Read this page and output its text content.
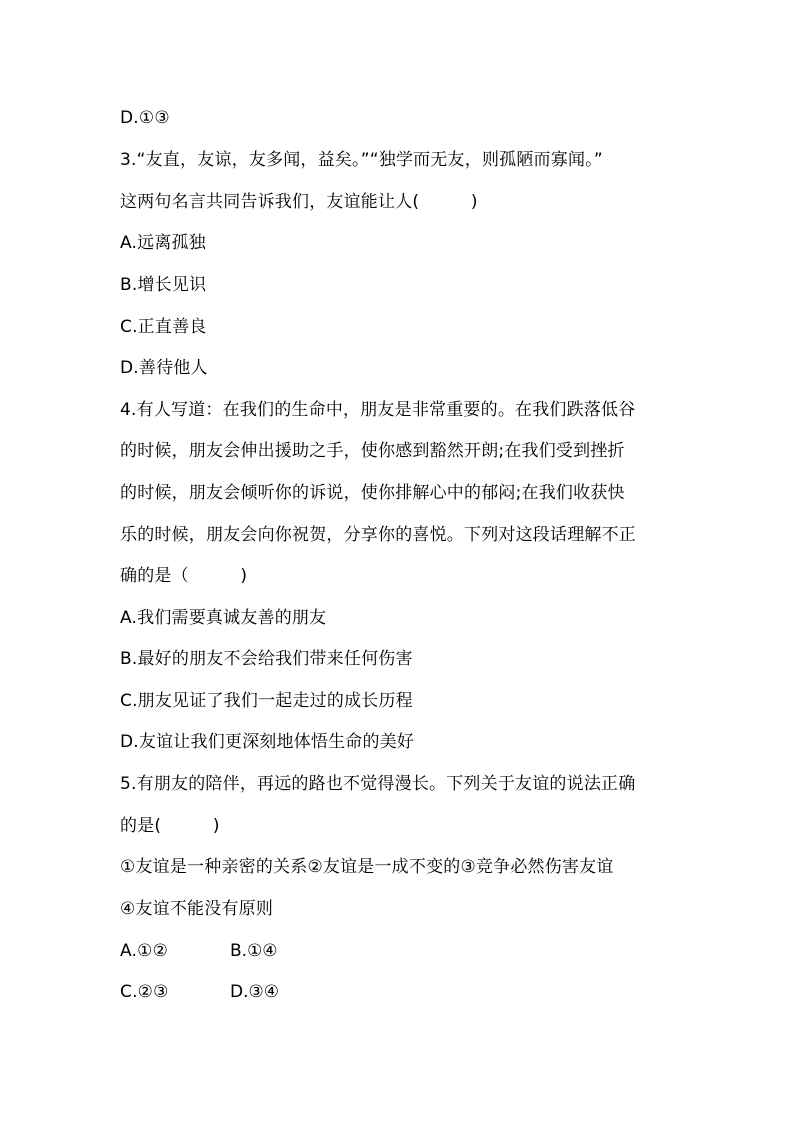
D.①③
3.“友直，友谅，友多闻，益矣。”“独学而无友，则孤陋而寡闻。”
这两句名言共同告诉我们，友谊能让人(　　　)
A.远离孤独
B.增长见识
C.正直善良
D.善待他人
4.有人写道：在我们的生命中，朋友是非常重要的。在我们跌落低谷
的时候，朋友会伸出援助之手，使你感到豁然开朗;在我们受到挫折
的时候，朋友会倾听你的诉说，使你排解心中的郁闷;在我们收获快
乐的时候，朋友会向你祝贺，分享你的喜悦。下列对这段话理解不正
确的是（　　　)
A.我们需要真诚友善的朋友
B.最好的朋友不会给我们带来任何伤害
C.朋友见证了我们一起走过的成长历程
D.友谊让我们更深刻地体悟生命的美好
5.有朋友的陪伴，再远的路也不觉得漫长。下列关于友谊的说法正确
的是(　　　)
①友谊是一种亲密的关系②友谊是一成不变的③竞争必然伤害友谊
④友谊不能没有原则
A.①②	B.①④
C.②③	D.③④
